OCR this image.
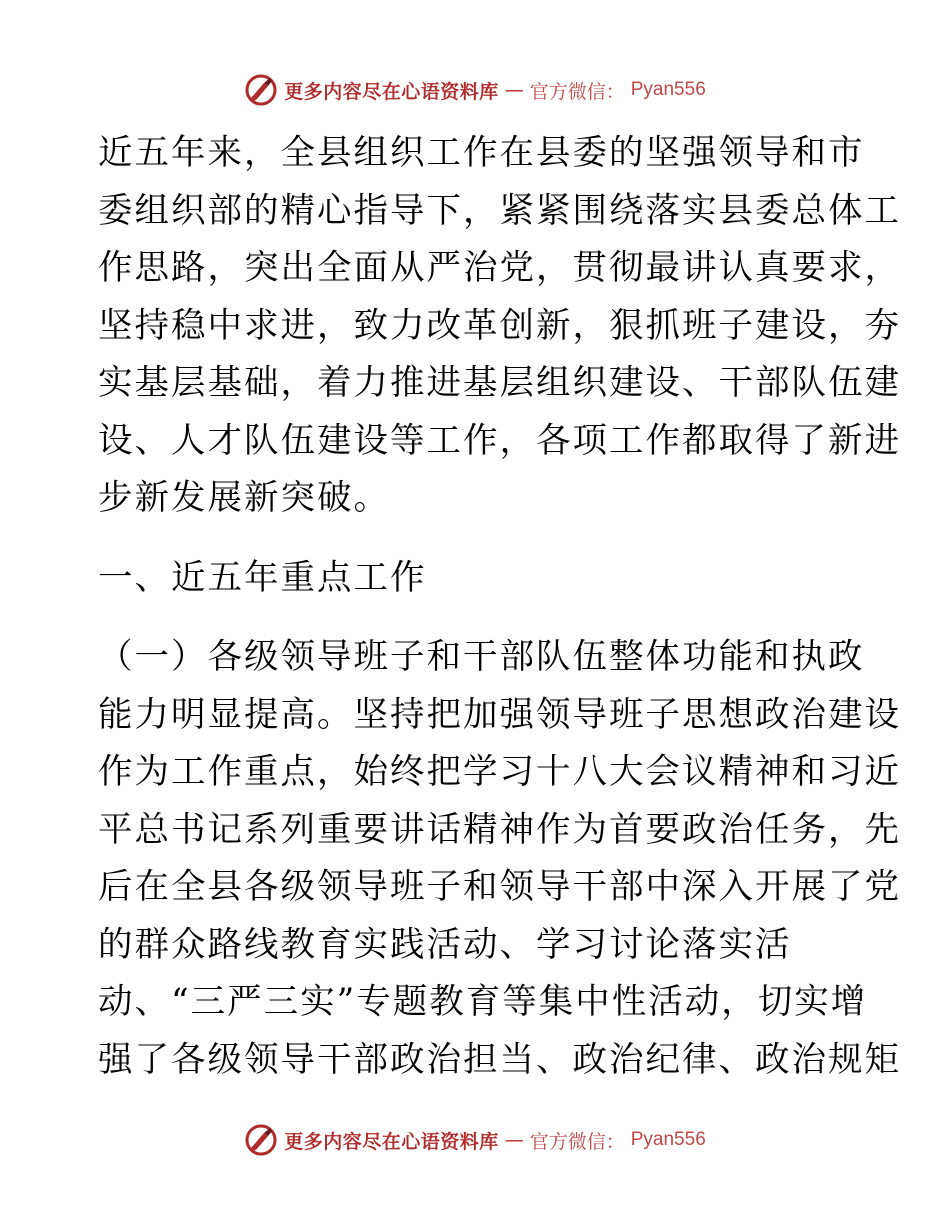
更多内容尽在心语资料库 — 官方微信： Pyan556
近五年来，全县组织工作在县委的坚强领导和市
委组织部的精心指导下，紧紧围绕落实县委总体工
作思路，突出全面从严治党，贯彻最讲认真要求，
坚持稳中求进，致力改革创新，狠抓班子建设，夯
实基层基础，着力推进基层组织建设、干部队伍建
设、人才队伍建设等工作，各项工作都取得了新进
步新发展新突破。
一、近五年重点工作
（一）各级领导班子和干部队伍整体功能和执政
能力明显提高。坚持把加强领导班子思想政治建设
作为工作重点，始终把学习十八大会议精神和习近
平总书记系列重要讲话精神作为首要政治任务，先
后在全县各级领导班子和领导干部中深入开展了党
的群众路线教育实践活动、学习讨论落实活
动、“三严三实”专题教育等集中性活动，切实增
强了各级领导干部政治担当、政治纪律、政治规矩
更多内容尽在心语资料库 — 官方微信： Pyan556
